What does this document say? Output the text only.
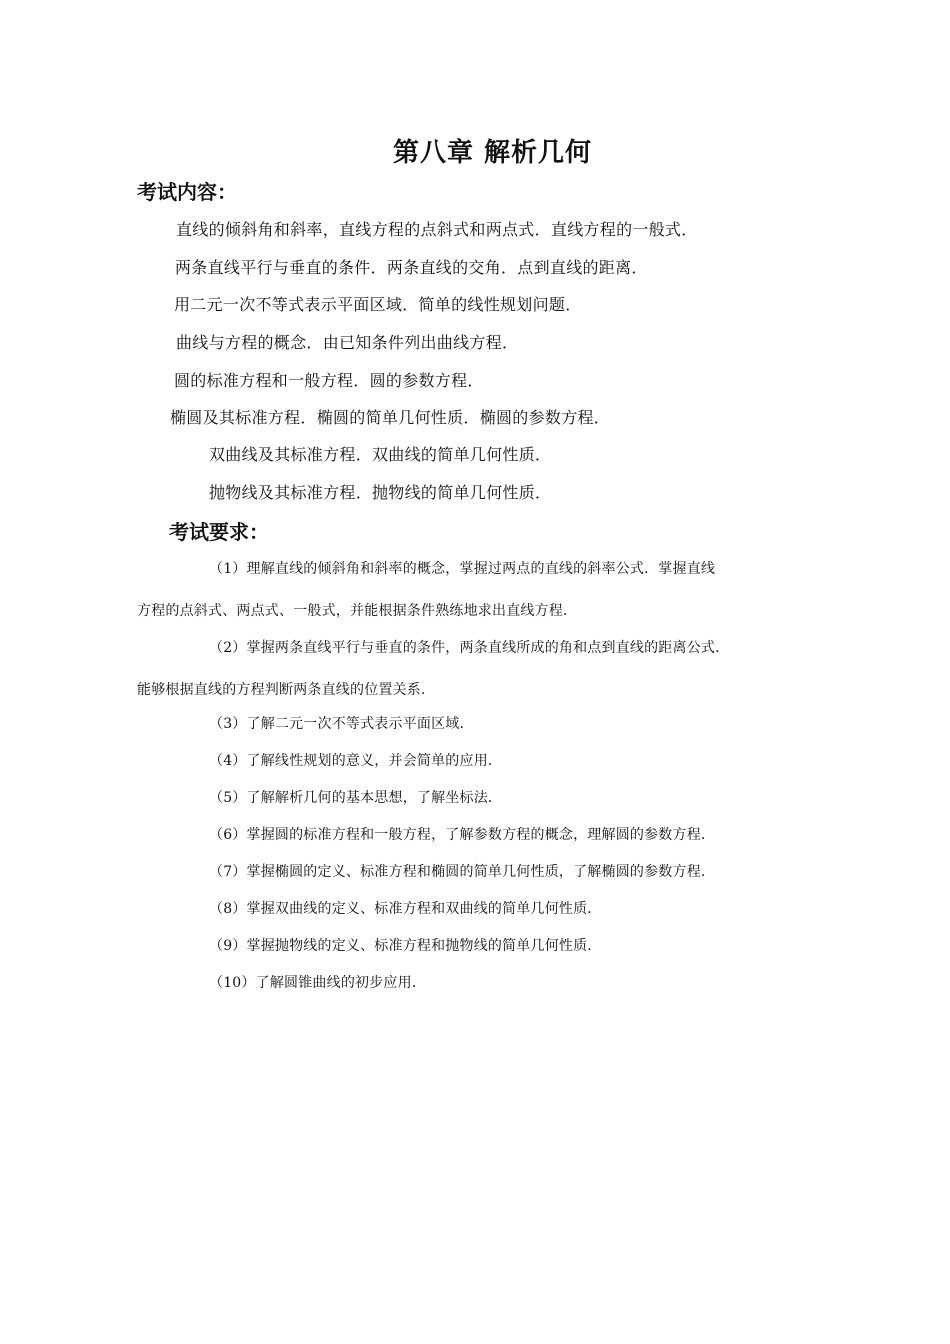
第八章 解析几何
考试内容：
直线的倾斜角和斜率，直线方程的点斜式和两点式．直线方程的一般式．
两条直线平行与垂直的条件．两条直线的交角．点到直线的距离．
用二元一次不等式表示平面区域．简单的线性规划问题．
曲线与方程的概念．由已知条件列出曲线方程．
圆的标准方程和一般方程．圆的参数方程．
椭圆及其标准方程．椭圆的简单几何性质．椭圆的参数方程．
双曲线及其标准方程．双曲线的简单几何性质．
抛物线及其标准方程．抛物线的简单几何性质．
考试要求：
（1）理解直线的倾斜角和斜率的概念，掌握过两点的直线的斜率公式．掌握直线
方程的点斜式、两点式、一般式，并能根据条件熟练地求出直线方程．
（2）掌握两条直线平行与垂直的条件，两条直线所成的角和点到直线的距离公式．
能够根据直线的方程判断两条直线的位置关系．
（3）了解二元一次不等式表示平面区域．
（4）了解线性规划的意义，并会简单的应用．
（5）了解解析几何的基本思想，了解坐标法．
（6）掌握圆的标准方程和一般方程，了解参数方程的概念，理解圆的参数方程．
（7）掌握椭圆的定义、标准方程和椭圆的简单几何性质，了解椭圆的参数方程．
（8）掌握双曲线的定义、标准方程和双曲线的简单几何性质．
（9）掌握抛物线的定义、标准方程和抛物线的简单几何性质．
（10）了解圆锥曲线的初步应用．
